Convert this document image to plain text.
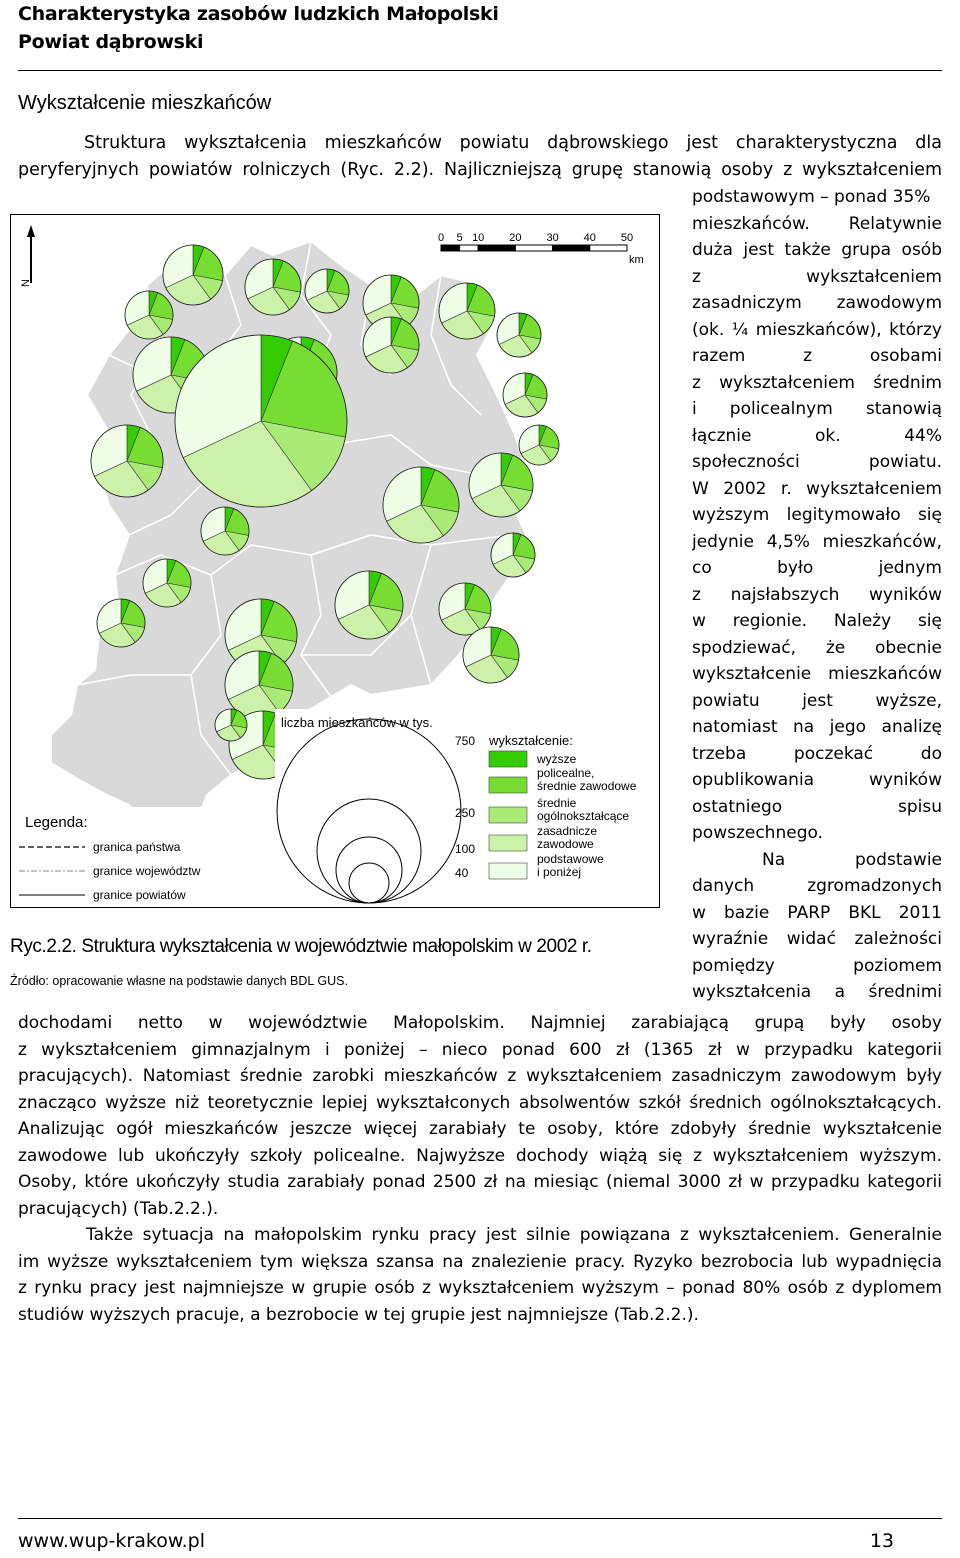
Charakterystyka zasobów ludzkich Małopolski
Powiat dąbrowski
Wykształcenie mieszkańców
Struktura wykształcenia mieszkańców powiatu dąbrowskiego jest charakterystyczna dla
peryferyjnych powiatów rolniczych (Ryc. 2.2). Najliczniejszą grupę stanowią osoby z wykształceniem
podstawowym – ponad 35%
mieszkańców. Relatywnie
duża jest także grupa osób
z wykształceniem
zasadniczym zawodowym
(ok. ¼ mieszkańców), którzy
razem z osobami
z wykształceniem średnim
i policealnym stanowią
łącznie ok. 44%
społeczności powiatu.
W 2002 r. wykształceniem
wyższym legitymowało się
jedynie 4,5% mieszkańców,
co było jednym
z najsłabszych wyników
w regionie. Należy się
spodziewać, że obecnie
wykształcenie mieszkańców
powiatu jest wyższe,
natomiast na jego analizę
trzeba poczekać do
opublikowania wyników
ostatniego spisu
powszechnego.
Na podstawie
danych zgromadzonych
w bazie PARP BKL 2011
wyraźnie widać zależności
pomiędzy poziomem
wykształcenia a średnimi
N
0 5 10 20 30 40 50
km
liczba mieszkańców w tys.
750
250
100
40
wykształcenie:
wyższe
policealne, średnie zawodowe
średnie ogólnokształcące
zasadnicze zawodowe
podstawowe i poniżej
Legenda:
granica państwa
granice województw
granice powiatów
Ryc.2.2. Struktura wykształcenia w województwie małopolskim w 2002 r.
Źródło: opracowanie własne na podstawie danych BDL GUS.
dochodami netto w województwie Małopolskim. Najmniej zarabiającą grupą były osoby
z wykształceniem gimnazjalnym i poniżej – nieco ponad 600 zł (1365 zł w przypadku kategorii
pracujących). Natomiast średnie zarobki mieszkańców z wykształceniem zasadniczym zawodowym były
znacząco wyższe niż teoretycznie lepiej wykształconych absolwentów szkół średnich ogólnokształcących.
Analizując ogół mieszkańców jeszcze więcej zarabiały te osoby, które zdobyły średnie wykształcenie
zawodowe lub ukończyły szkoły policealne. Najwyższe dochody wiążą się z wykształceniem wyższym.
Osoby, które ukończyły studia zarabiały ponad 2500 zł na miesiąc (niemal 3000 zł w przypadku kategorii
pracujących) (Tab.2.2.).
Także sytuacja na małopolskim rynku pracy jest silnie powiązana z wykształceniem. Generalnie
im wyższe wykształceniem tym większa szansa na znalezienie pracy. Ryzyko bezrobocia lub wypadnięcia
z rynku pracy jest najmniejsze w grupie osób z wykształceniem wyższym – ponad 80% osób z dyplomem
studiów wyższych pracuje, a bezrobocie w tej grupie jest najmniejsze (Tab.2.2.).
www.wup-krakow.pl	13
